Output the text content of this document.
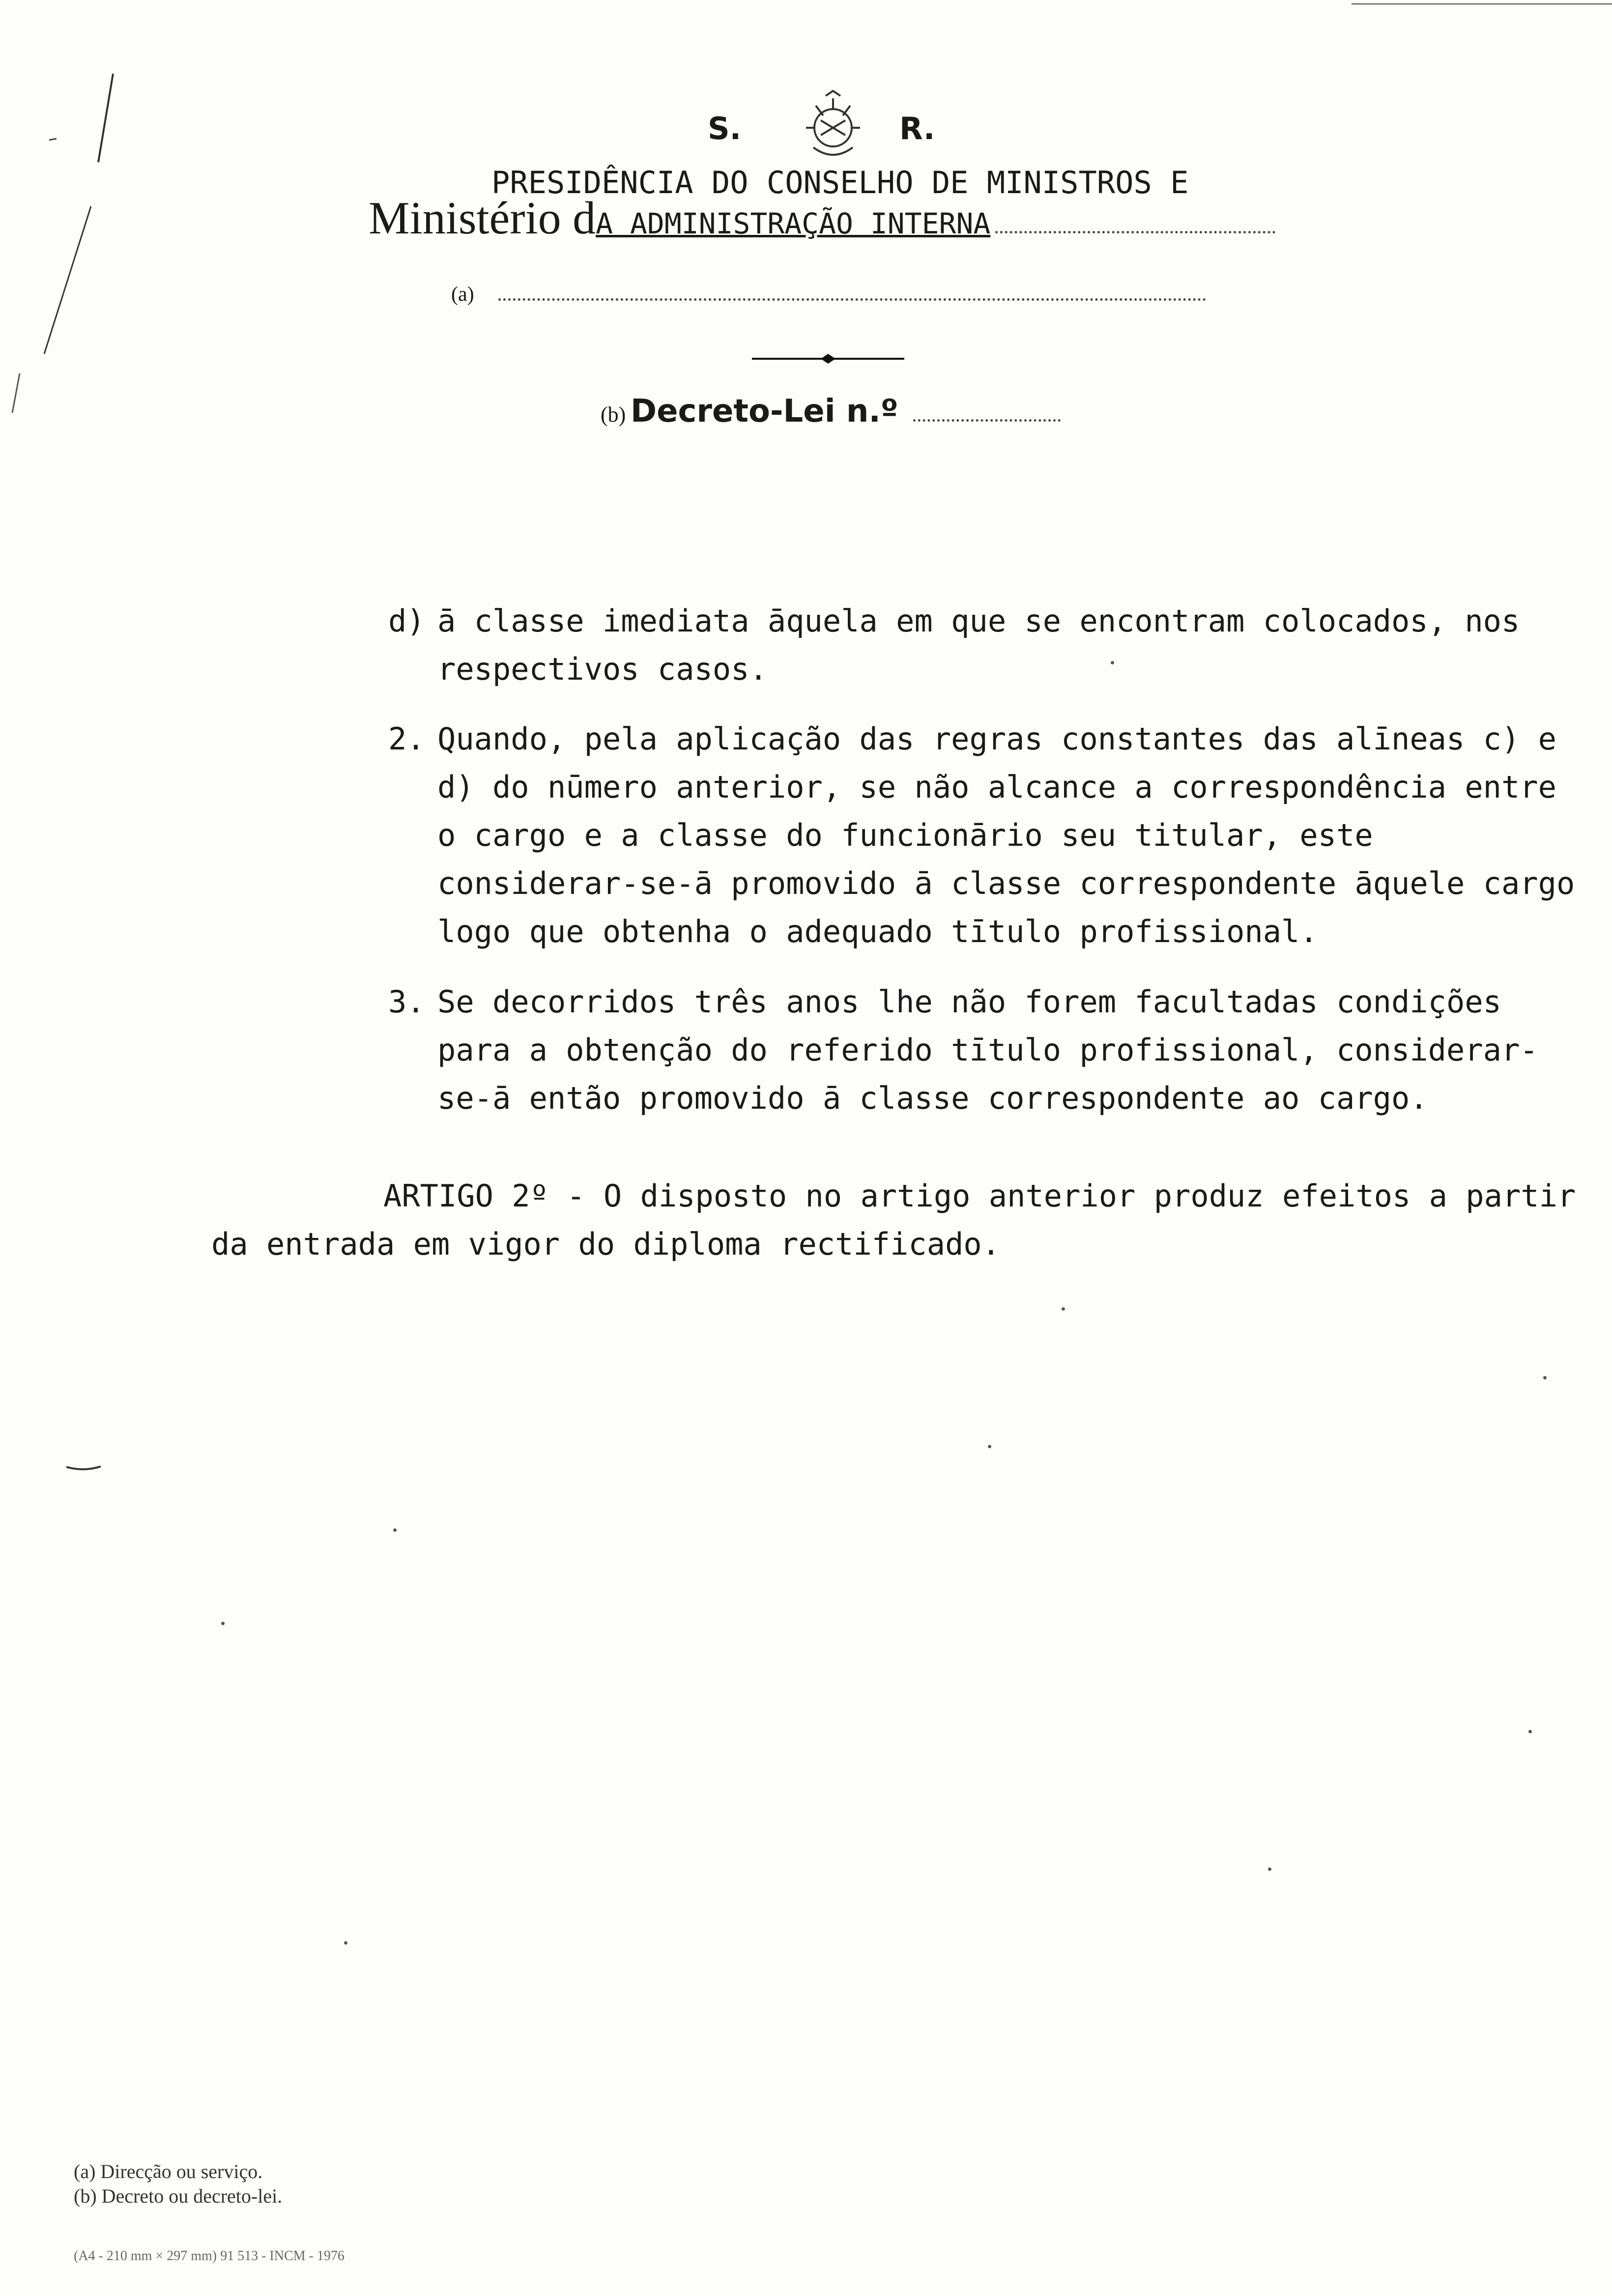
S.	R.
PRESIDÊNCIA DO CONSELHO DE MINISTROS E
Ministério dA ADMINISTRAÇÃO INTERNA
(a)
(b) Decreto-Lei n.º
d) ā classe imediata āquela em que se encontram colocados, nos respectivos casos.
2. Quando, pela aplicação das regras constantes das alīneas c) e d) do nūmero anterior, se não alcance a correspondência entre o cargo e a classe do funcionārio seu titular, este considerar-se-ā promovido ā classe correspondente āquele cargo logo que obtenha o adequado tītulo profissional.
3. Se decorridos três anos lhe não forem facultadas condições para a obtenção do referido tītulo profissional, considerar-se-ā então promovido ā classe correspondente ao cargo.
ARTIGO 2º - O disposto no artigo anterior produz efeitos a partir da entrada em vigor do diploma rectificado.
(a) Direcção ou serviço.
(b) Decreto ou decreto-lei.
(A4 - 210 mm × 297 mm) 91 513 - INCM - 1976
